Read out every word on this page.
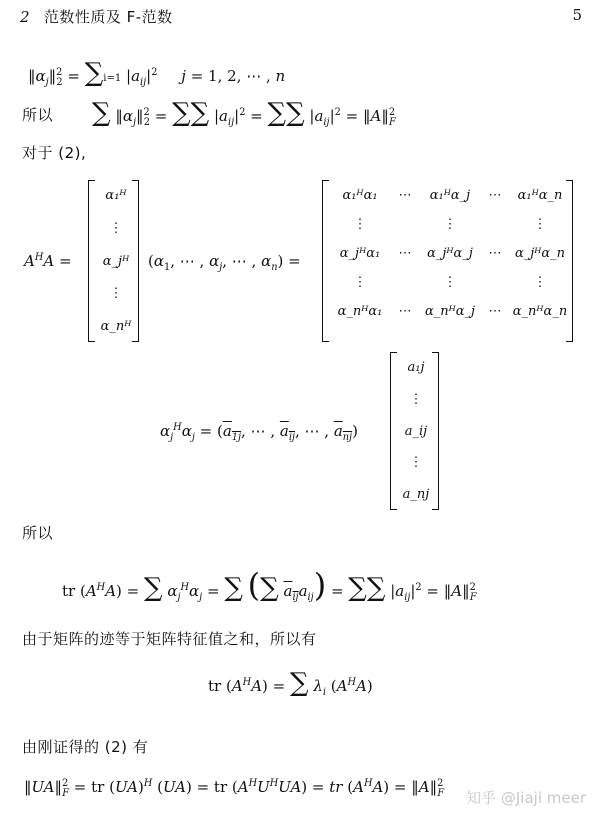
2 范数性质及 F-范数	5
$‖\alpha_j‖^2_2 = \sum i=1$ $|a_{ij}|^2$ j = 1, 2, ⋯ , n
所以 ∑ $‖\alpha_j‖^2_2$ = ∑∑ $|a_{ij}|^2$ = ∑∑ $|a_{ij}|^2$ = ‖A‖$^2_F$
对于 (2),
$A^HA$ =
α₁ᴴ
⋮
α_jᴴ
⋮
α_nᴴ
($\alpha_1$, ⋯ , $\alpha_j$, ⋯ , $\alpha_n$) =
α₁ᴴα₁	⋯	α₁ᴴα_j	⋯	α₁ᴴα_n
⋮	⋮	⋮
α_jᴴα₁	⋯	α_jᴴα_j	⋯	α_jᴴα_n
⋮	⋮	⋮
α_nᴴα₁	⋯	α_nᴴα_j	⋯ α_nᴴα_n
$\alpha_j^H\alpha_j = (a_{1j}$, ⋯ , $a_{ij}$, ⋯ , $a_{nj}$)
a₁j
⋮
a_ij
⋮
a_nj
所以
tr $(A^HA)$ = ∑ $\alpha_j^H\alpha_j$ = ∑ (∑ $a_{ij}a_{ij}$) = ∑∑ $|a_{ij}|^2$ = ‖A‖$^2_F$
由于矩阵的迹等于矩阵特征值之和，所以有
tr $(A^HA)$ = ∑ $\lambda_i$ $(A^HA)$
由刚证得的 (2) 有
‖UA‖$^2_F$ = tr (UA)$^H$ (UA) = tr $(A^HU^HUA)$ = tr $(A^HA)$ = ‖A‖$^2_F$ 知乎 @Jiaji meer
